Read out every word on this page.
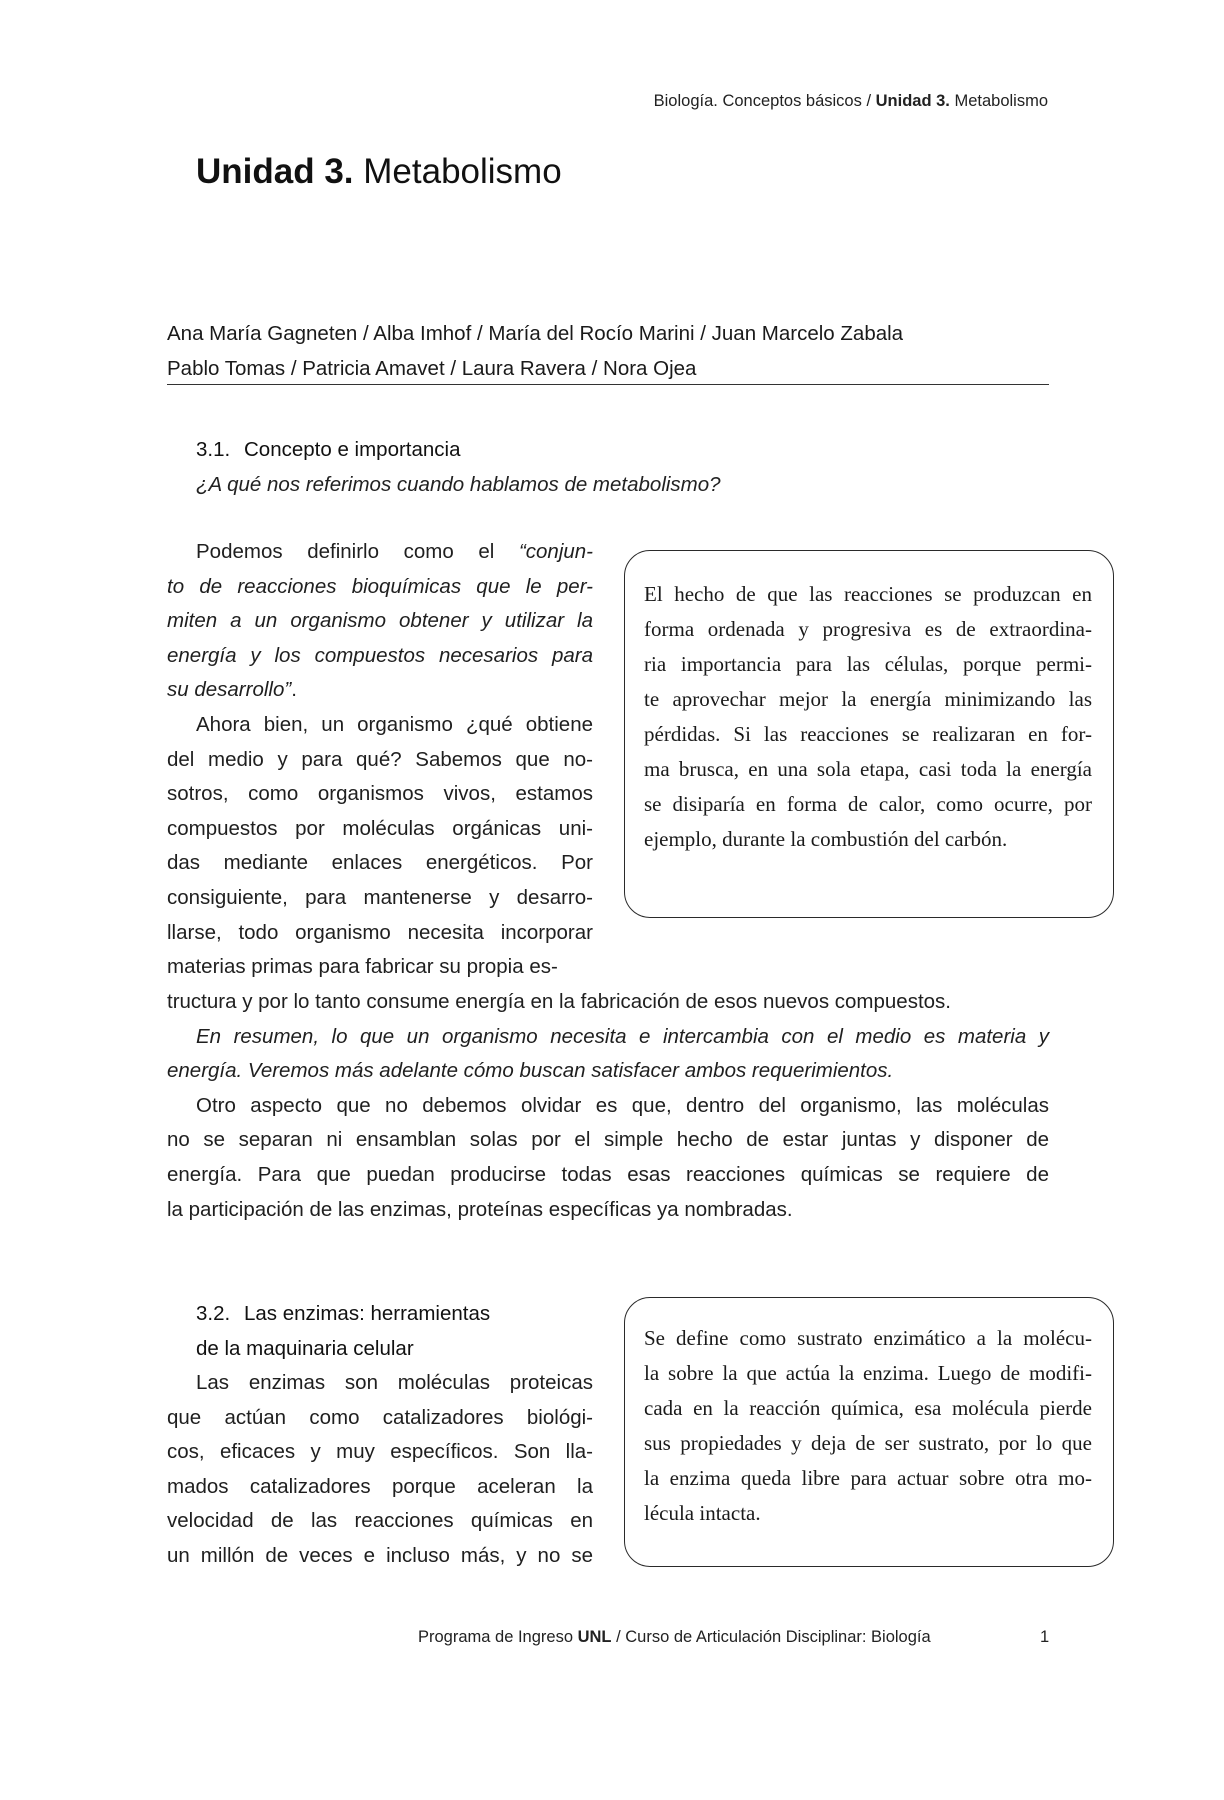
Biología. Conceptos básicos / Unidad 3. Metabolismo
Unidad 3. Metabolismo
Ana María Gagneten / Alba Imhof / María del Rocío Marini / Juan Marcelo Zabala
Pablo Tomas / Patricia Amavet / Laura Ravera / Nora Ojea
3.1. Concepto e importancia
¿A qué nos referimos cuando hablamos de metabolismo?
Podemos definirlo como el “conjun-
to de reacciones bioquímicas que le per-
miten a un organismo obtener y utilizar la
energía y los compuestos necesarios para
su desarrollo”.
Ahora bien, un organismo ¿qué obtiene
del medio y para qué? Sabemos que no-
sotros, como organismos vivos, estamos
compuestos por moléculas orgánicas uni-
das mediante enlaces energéticos. Por
consiguiente, para mantenerse y desarro-
llarse, todo organismo necesita incorporar
materias primas para fabricar su propia es-
tructura y por lo tanto consume energía en la fabricación de esos nuevos compuestos.
En resumen, lo que un organismo necesita e intercambia con el medio es materia y
energía. Veremos más adelante cómo buscan satisfacer ambos requerimientos.
Otro aspecto que no debemos olvidar es que, dentro del organismo, las moléculas
no se separan ni ensamblan solas por el simple hecho de estar juntas y disponer de
energía. Para que puedan producirse todas esas reacciones químicas se requiere de
la participación de las enzimas, proteínas específicas ya nombradas.
El hecho de que las reacciones se produzcan en
forma ordenada y progresiva es de extraordina-
ria importancia para las células, porque permi-
te aprovechar mejor la energía minimizando las
pérdidas. Si las reacciones se realizaran en for-
ma brusca, en una sola etapa, casi toda la energía
se disiparía en forma de calor, como ocurre, por
ejemplo, durante la combustión del carbón.
3.2. Las enzimas: herramientas
de la maquinaria celular
Las enzimas son moléculas proteicas
que actúan como catalizadores biológi-
cos, eficaces y muy específicos. Son lla-
mados catalizadores porque aceleran la
velocidad de las reacciones químicas en
un millón de veces e incluso más, y no se
Se define como sustrato enzimático a la molécu-
la sobre la que actúa la enzima. Luego de modifi-
cada en la reacción química, esa molécula pierde
sus propiedades y deja de ser sustrato, por lo que
la enzima queda libre para actuar sobre otra mo-
lécula intacta.
Programa de Ingreso UNL / Curso de Articulación Disciplinar: Biología	1
